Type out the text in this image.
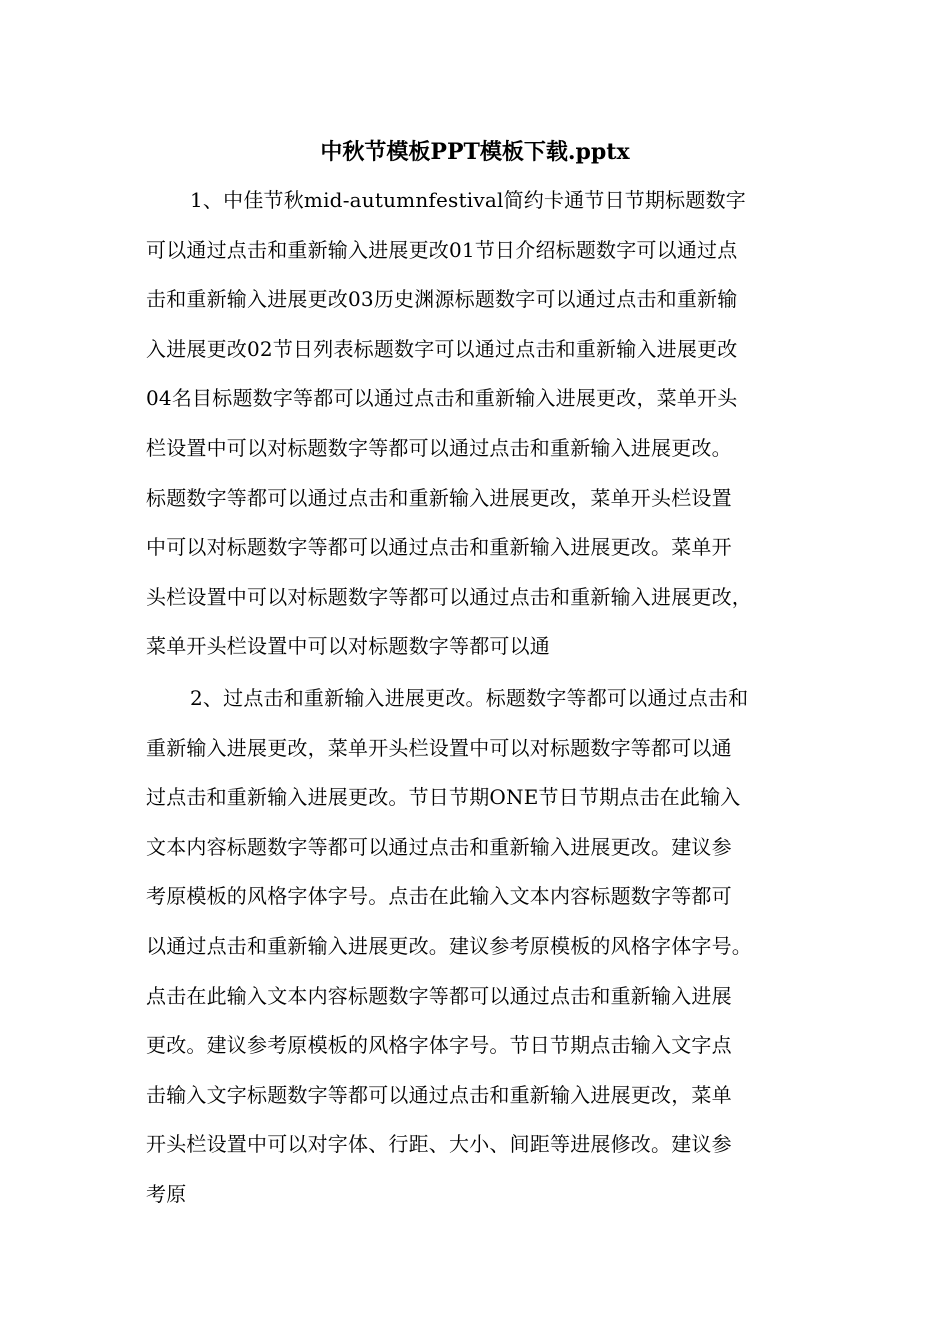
中秋节模板PPT模板下载.pptx
1、中佳节秋mid-autumnfestival简约卡通节日节期标题数字
可以通过点击和重新输入进展更改01节日介绍标题数字可以通过点
击和重新输入进展更改03历史渊源标题数字可以通过点击和重新输
入进展更改02节日列表标题数字可以通过点击和重新输入进展更改
04名目标题数字等都可以通过点击和重新输入进展更改，菜单开头
栏设置中可以对标题数字等都可以通过点击和重新输入进展更改。
标题数字等都可以通过点击和重新输入进展更改，菜单开头栏设置
中可以对标题数字等都可以通过点击和重新输入进展更改。菜单开
头栏设置中可以对标题数字等都可以通过点击和重新输入进展更改，
菜单开头栏设置中可以对标题数字等都可以通
2、过点击和重新输入进展更改。标题数字等都可以通过点击和
重新输入进展更改，菜单开头栏设置中可以对标题数字等都可以通
过点击和重新输入进展更改。节日节期ONE节日节期点击在此输入
文本内容标题数字等都可以通过点击和重新输入进展更改。建议参
考原模板的风格字体字号。点击在此输入文本内容标题数字等都可
以通过点击和重新输入进展更改。建议参考原模板的风格字体字号。
点击在此输入文本内容标题数字等都可以通过点击和重新输入进展
更改。建议参考原模板的风格字体字号。节日节期点击输入文字点
击输入文字标题数字等都可以通过点击和重新输入进展更改，菜单
开头栏设置中可以对字体、行距、大小、间距等进展修改。建议参
考原
